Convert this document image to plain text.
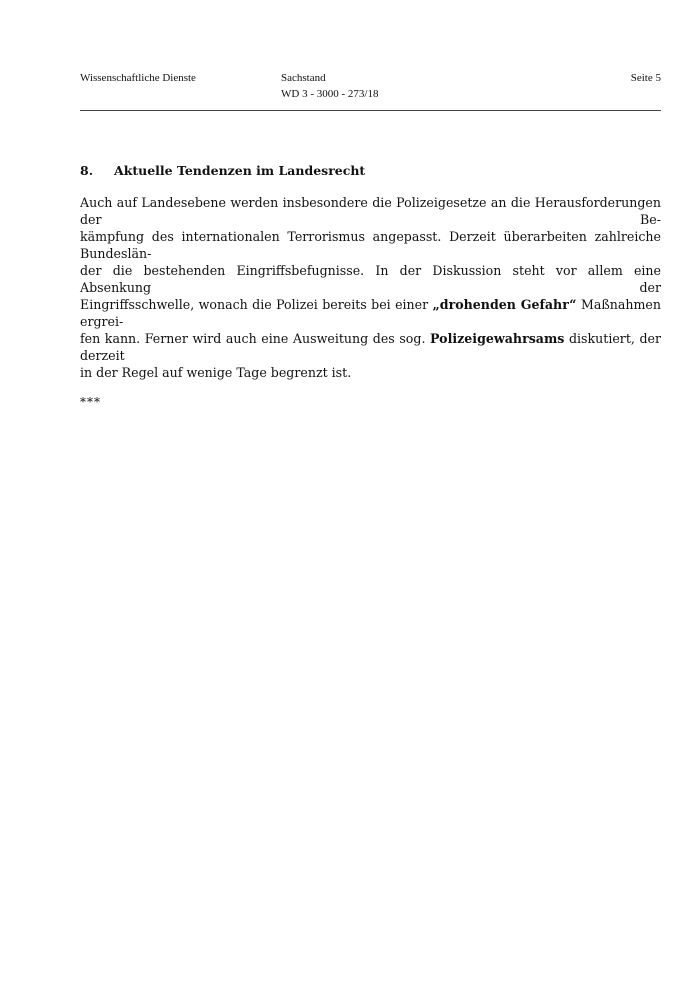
Wissenschaftliche Dienste	Sachstand
WD 3 - 3000 - 273/18
Seite 5
8.	Aktuelle Tendenzen im Landesrecht

Auch auf Landesebene werden insbesondere die Polizeigesetze an die Herausforderungen der Be-
kämpfung des internationalen Terrorismus angepasst. Derzeit überarbeiten zahlreiche Bundeslän-
der die bestehenden Eingriffsbefugnisse. In der Diskussion steht vor allem eine Absenkung der
Eingriffsschwelle, wonach die Polizei bereits bei einer „drohenden Gefahr“ Maßnahmen ergrei-
fen kann. Ferner wird auch eine Ausweitung des sog. Polizeigewahrsams diskutiert, der derzeit
in der Regel auf wenige Tage begrenzt ist.

***
